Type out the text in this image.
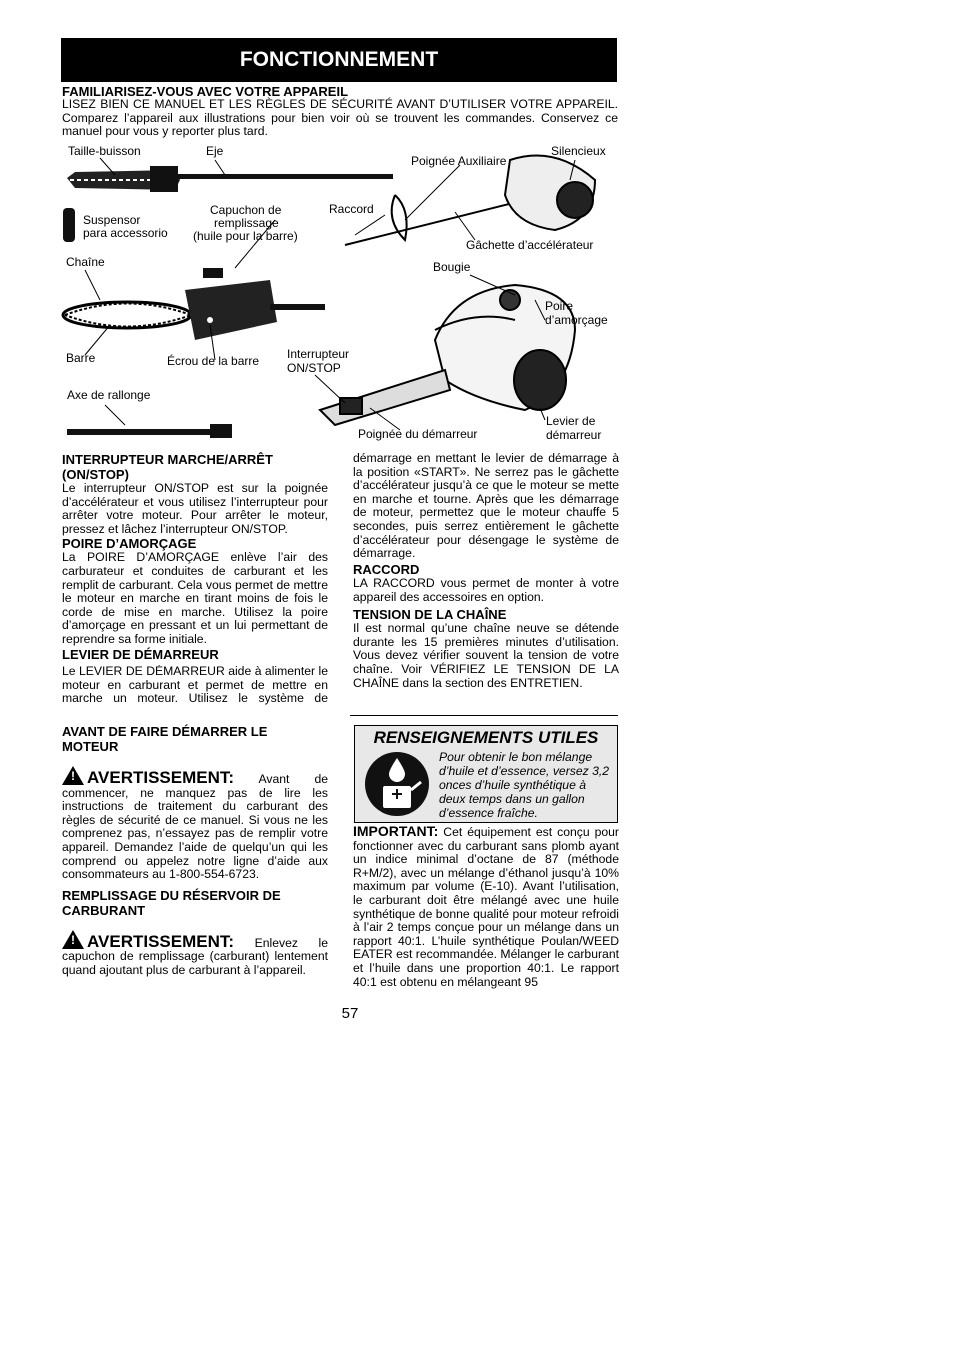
FONCTIONNEMENT
FAMILIARISEZ-VOUS AVEC VOTRE APPAREIL
LISEZ BIEN CE MANUEL ET LES RÈGLES DE SÉCURITÉ AVANT D’UTILISER VOTRE APPAREIL. Comparez l’appareil aux illustrations pour bien voir où se trouvent les commandes. Conservez ce manuel pour vous y reporter plus tard.
Taille-buisson	Eje
Poignée Auxiliaire
Silencieux
Suspensor
para accessorio
Capuchon de
remplissage
(huile pour la barre)
Raccord
Gâchette d’accélérateur
Chaîne	Bougie
Poire
d’amorçage
Barre	Écrou de la barre Interrupteur
ON/STOP
Axe de rallonge
Levier de
démarreur
Poignée du démarreur
INTERRUPTEUR MARCHE/ARRÊT
(ON/STOP)
Le interrupteur ON/STOP est sur la poignée d’accélérateur et vous utilisez l’interrupteur pour arrêter votre moteur. Pour arrêter le moteur, pressez et lâchez l’interrupteur ON/STOP.
POIRE D’AMORÇAGE
La POIRE D’AMORÇAGE enlève l’air des carburateur et conduites de carburant et les remplit de carburant. Cela vous permet de mettre le moteur en marche en tirant moins de fois le corde de mise en marche. Utilisez la poire d’amorçage en pressant et un lui permettant de reprendre sa forme initiale.
LEVIER DE DÉMARREUR
Le LEVIER DE DÉMARREUR aide à alimenter le moteur en carburant et permet de mettre en marche un moteur. Utilisez le système de
démarrage en mettant le levier de démarrage à la position «START». Ne serrez pas le gâchette d’accélérateur jusqu’à ce que le moteur se mette en marche et tourne. Après que les démarrage de moteur, permettez que le moteur chauffe 5 secondes, puis serrez entièrement le gâchette d’accélérateur pour désengage le système de démarrage.
RACCORD
LA RACCORD vous permet de monter à votre appareil des accessoires en option.
TENSION DE LA CHAÎNE
Il est normal qu’une chaîne neuve se détende durante les 15 premières minutes d’utilisation. Vous devez vérifier souvent la tension de votre chaîne. Voir VÉRIFIEZ LE TENSION DE LA CHAÎNE dans la section des ENTRETIEN.
AVANT DE FAIRE DÉMARRER LE
MOTEUR
! AVERTISSEMENT: Avant de commencer, ne manquez pas de lire les instructions de traitement du carburant des règles de sécurité de ce manuel. Si vous ne les comprenez pas, n’essayez pas de remplir votre appareil. Demandez l’aide de quelqu’un qui les comprend ou appelez notre ligne d’aide aux consommateurs au 1-800-554-6723.
REMPLISSAGE DU RÉSERVOIR DE
CARBURANT
! AVERTISSEMENT: Enlevez le capuchon de remplissage (carburant) lentement quand ajoutant plus de carburant à l’appareil.
RENSEIGNEMENTS UTILES
Pour obtenir le bon mélange d’huile et d’essence, versez 3,2 onces d’huile synthétique à deux temps dans un gallon d’essence fraîche.
IMPORTANT: Cet équipement est conçu pour fonctionner avec du carburant sans plomb ayant un indice minimal d’octane de 87 (méthode R+M/2), avec un mélange d’éthanol jusqu’à 10% maximum par volume (E-10). Avant l’utilisation, le carburant doit être mélangé avec une huile synthétique de bonne qualité pour moteur refroidi à l’air 2 temps conçue pour un mélange dans un rapport 40:1. L’huile synthétique Poulan/WEED EATER est recommandée. Mélanger le carburant et l’huile dans une proportion 40:1. Le rapport 40:1 est obtenu en mélangeant 95
57
